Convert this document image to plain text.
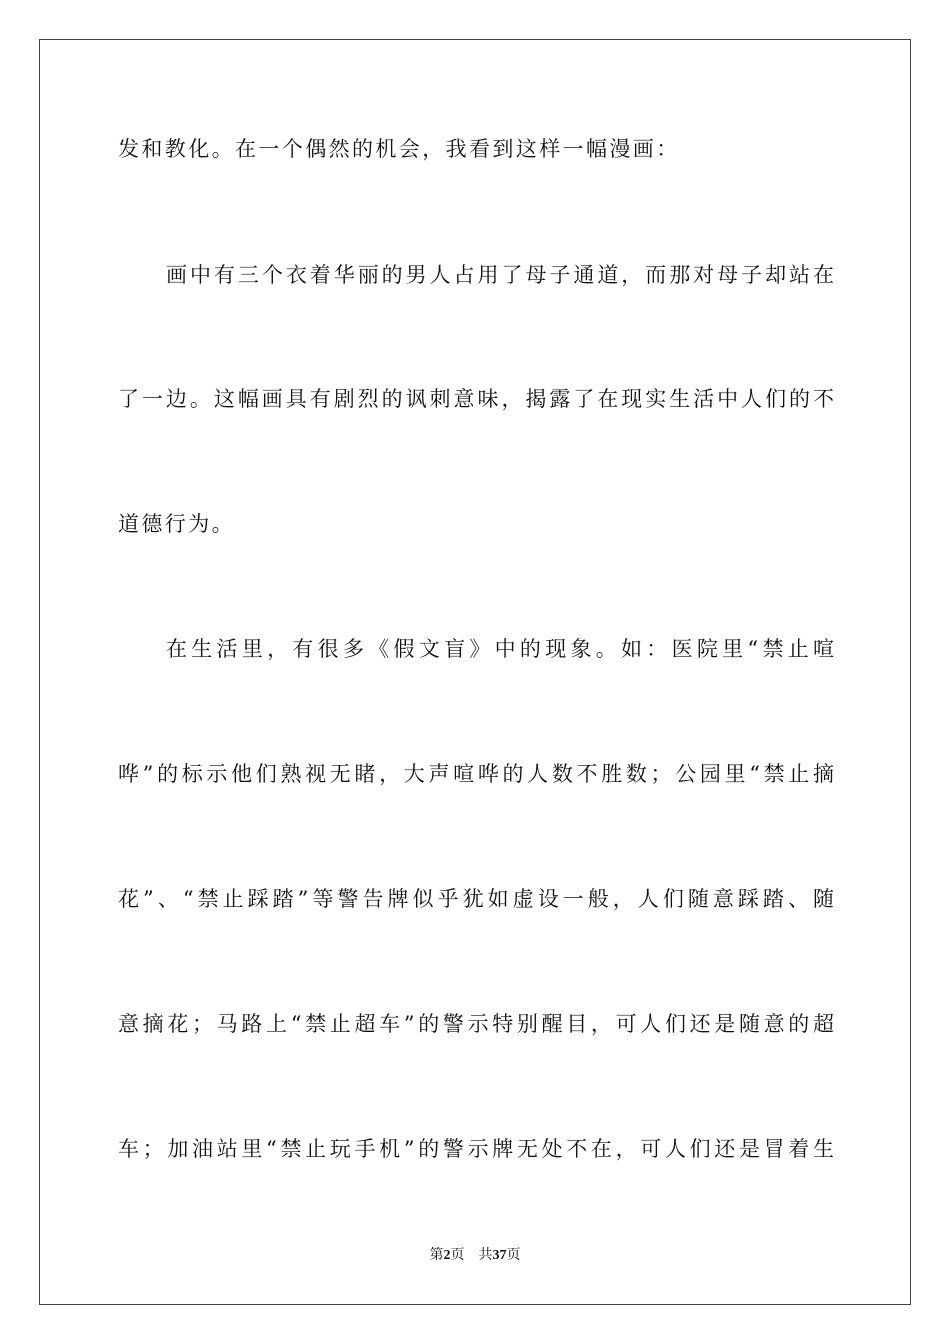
发和教化。在一个偶然的机会，我看到这样一幅漫画：
画中有三个衣着华丽的男人占用了母子通道，而那对母子却站在
了一边。这幅画具有剧烈的讽刺意味，揭露了在现实生活中人们的不
道德行为。
在生活里，有很多《假文盲》中的现象。如：医院里“禁止喧
哗”的标示他们熟视无睹，大声喧哗的人数不胜数；公园里“禁止摘
花”、“禁止踩踏”等警告牌似乎犹如虚设一般，人们随意踩踏、随
意摘花；马路上“禁止超车”的警示特别醒目，可人们还是随意的超
车；加油站里“禁止玩手机”的警示牌无处不在，可人们还是冒着生
第2页 共37页
